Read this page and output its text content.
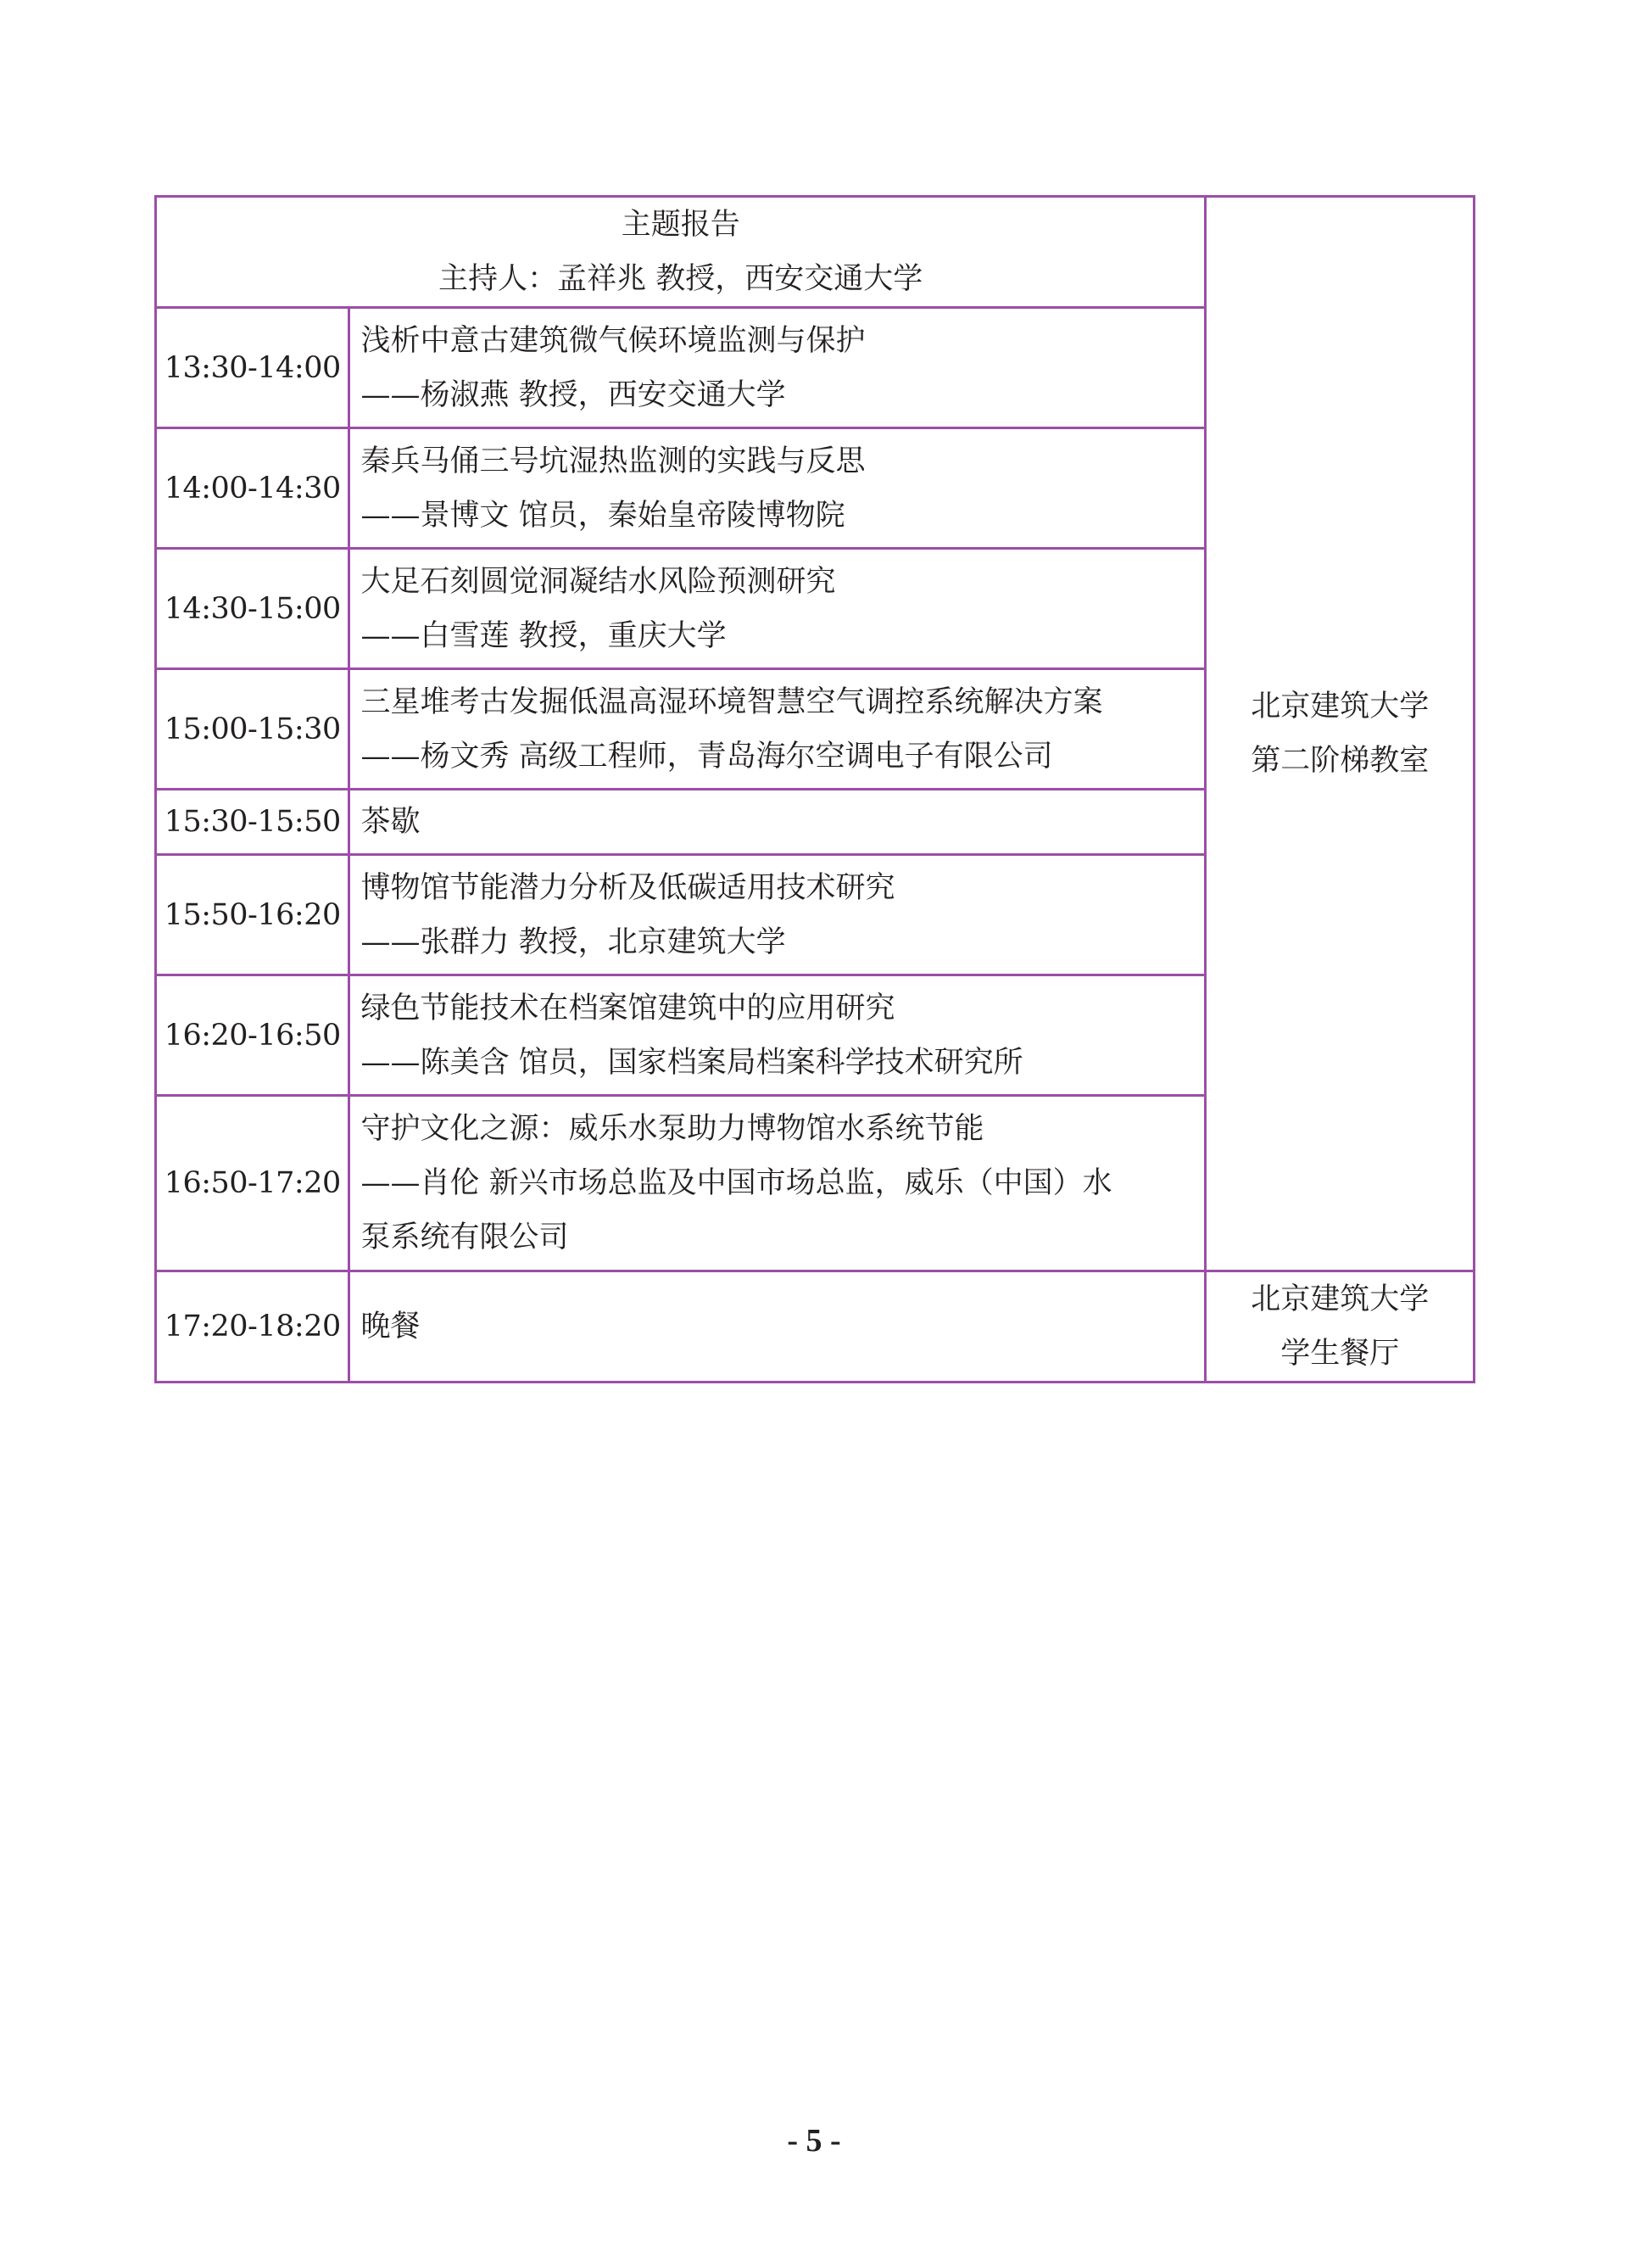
主题报告
主持人：孟祥兆 教授，西安交通大学		北京建筑大学
第二阶梯教室

13:30-14:00	浅析中意古建筑微气候环境监测与保护
——杨淑燕 教授，西安交通大学	

14:00-14:30	秦兵马俑三号坑湿热监测的实践与反思
——景博文 馆员，秦始皇帝陵博物院	

14:30-15:00	大足石刻圆觉洞凝结水风险预测研究
——白雪莲 教授，重庆大学	

15:00-15:30	三星堆考古发掘低温高湿环境智慧空气调控系统解决方案
——杨文秀 高级工程师，青岛海尔空调电子有限公司	

15:30-15:50	茶歇	

15:50-16:20	博物馆节能潜力分析及低碳适用技术研究
——张群力 教授，北京建筑大学	

16:20-16:50	绿色节能技术在档案馆建筑中的应用研究
——陈美含 馆员，国家档案局档案科学技术研究所	

16:50-17:20	守护文化之源：威乐水泵助力博物馆水系统节能
——肖伦 新兴市场总监及中国市场总监，威乐（中国）水
泵系统有限公司	

17:20-18:20	晚餐	北京建筑大学
学生餐厅
- 5 -
